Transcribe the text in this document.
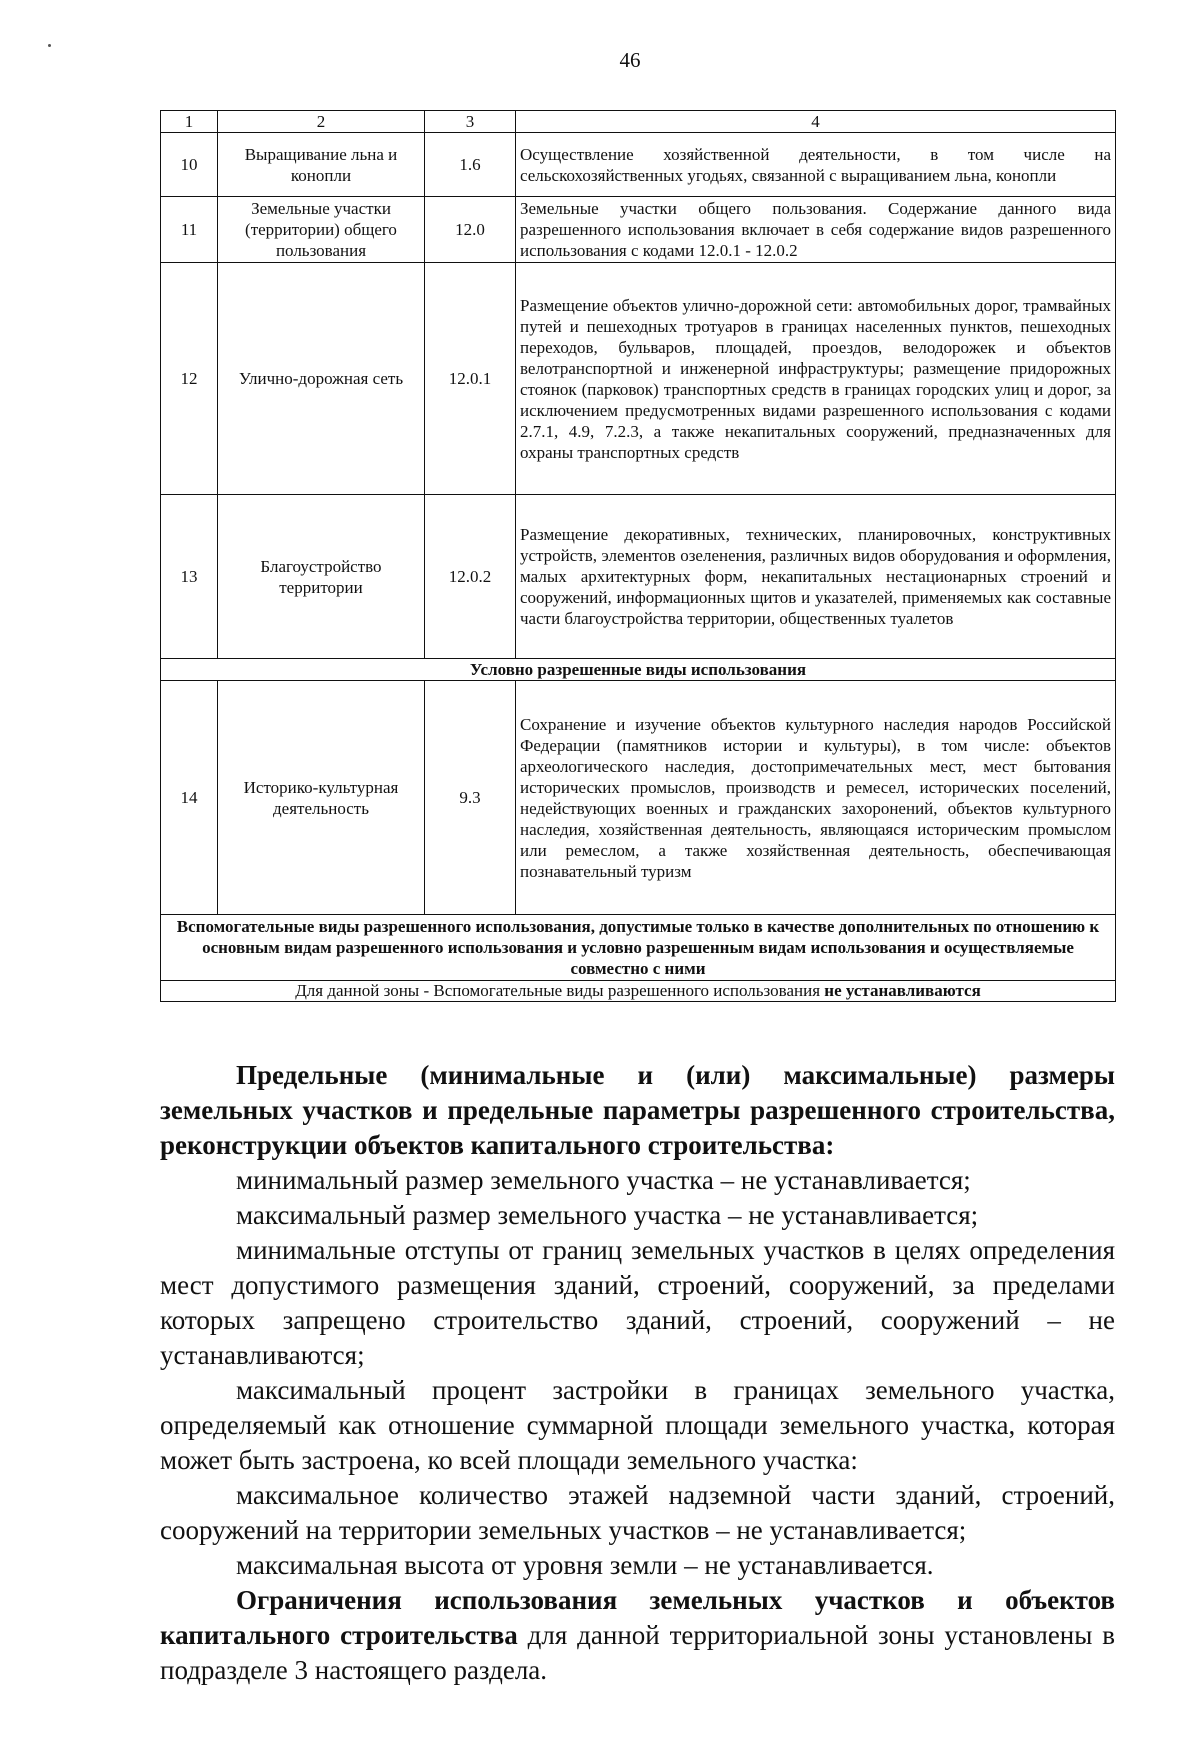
46
1	2	3	4
10	Выращивание льна и конопли	1.6	Осуществление хозяйственной деятельности, в том числе на сельскохозяйственных угодьях, связанной с выращиванием льна, конопли
11	Земельные участки (территории) общего пользования	12.0	Земельные участки общего пользования. Содержание данного вида разрешенного использования включает в себя содержание видов разрешенного использования с кодами 12.0.1 - 12.0.2
12	Улично-дорожная сеть	12.0.1	Размещение объектов улично-дорожной сети: автомобильных дорог, трамвайных путей и пешеходных тротуаров в границах населенных пунктов, пешеходных переходов, бульваров, площадей, проездов, велодорожек и объектов велотранспортной и инженерной инфраструктуры; размещение придорожных стоянок (парковок) транспортных средств в границах городских улиц и дорог, за исключением предусмотренных видами разрешенного использования с кодами 2.7.1, 4.9, 7.2.3, а также некапитальных сооружений, предназначенных для охраны транспортных средств
13	Благоустройство территории	12.0.2	Размещение декоративных, технических, планировочных, конструктивных устройств, элементов озеленения, различных видов оборудования и оформления, малых архитектурных форм, некапитальных нестационарных строений и сооружений, информационных щитов и указателей, применяемых как составные части благоустройства территории, общественных туалетов
Условно разрешенные виды использования			
14	Историко-культурная деятельность	9.3	Сохранение и изучение объектов культурного наследия народов Российской Федерации (памятников истории и культуры), в том числе: объектов археологического наследия, достопримечательных мест, мест бытования исторических промыслов, производств и ремесел, исторических поселений, недействующих военных и гражданских захоронений, объектов культурного наследия, хозяйственная деятельность, являющаяся историческим промыслом или ремеслом, а также хозяйственная деятельность, обеспечивающая познавательный туризм
Вспомогательные виды разрешенного использования, допустимые только в качестве дополнительных по отношению к основным видам разрешенного использования и условно разрешенным видам использования и осуществляемые совместно с ними			
Для данной зоны - Вспомогательные виды разрешенного использования не устанавливаются			

Предельные (минимальные и (или) максимальные) размеры земельных участков и предельные параметры разрешенного строительства, реконструкции объектов капитального строительства:

минимальный размер земельного участка – не устанавливается;

максимальный размер земельного участка – не устанавливается;

минимальные отступы от границ земельных участков в целях определения мест допустимого размещения зданий, строений, сооружений, за пределами которых запрещено строительство зданий, строений, сооружений – не устанавливаются;

максимальный процент застройки в границах земельного участка, определяемый как отношение суммарной площади земельного участка, которая может быть застроена, ко всей площади земельного участка:

максимальное количество этажей надземной части зданий, строений, сооружений на территории земельных участков – не устанавливается;

максимальная высота от уровня земли – не устанавливается.

Ограничения использования земельных участков и объектов капитального строительства для данной территориальной зоны установлены в подразделе 3 настоящего раздела.
